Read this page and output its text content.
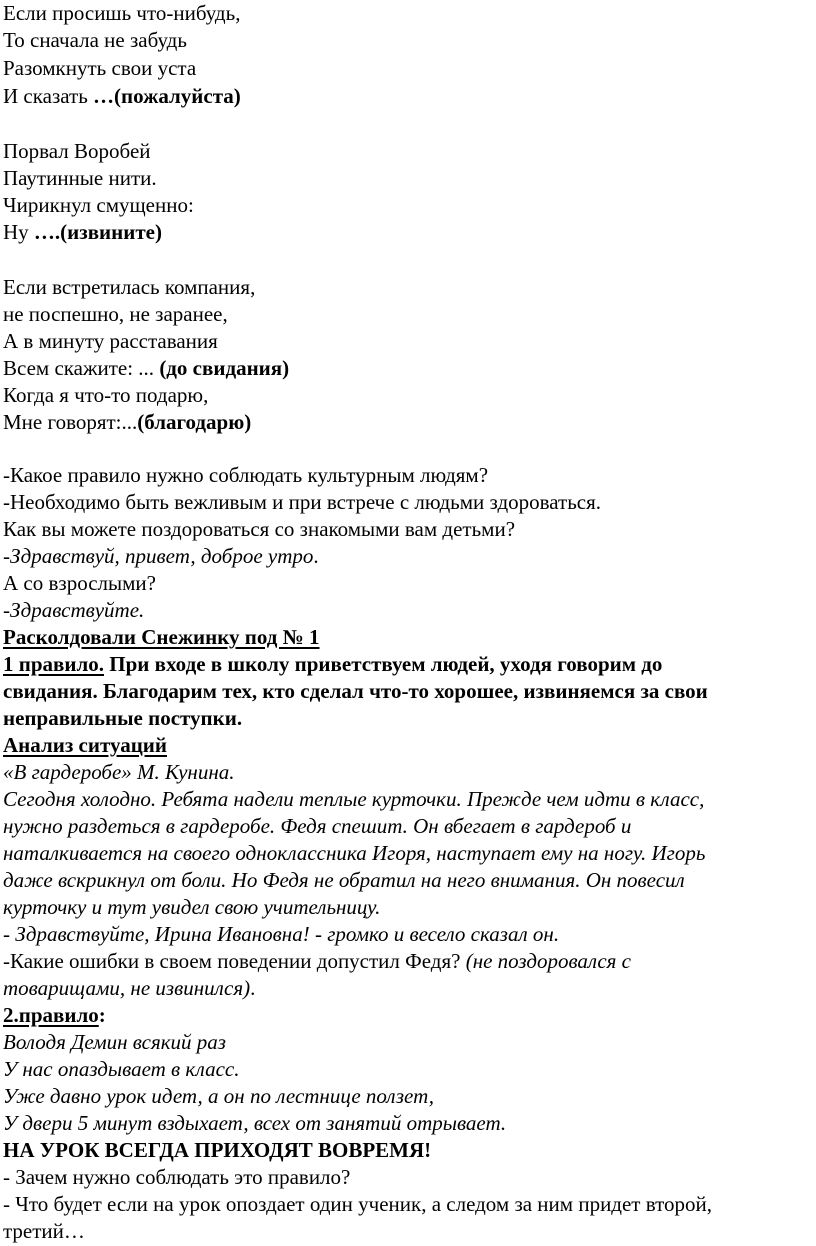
Если просишь что-нибудь,
То сначала не забудь
Разомкнуть свои уста
И сказать …(пожалуйста)
Порвал Воробей
Паутинные нити.
Чирикнул смущенно:
Ну ….(извините)
Если встретилась компания,
не поспешно, не заранее,
А в минуту расставания
Всем скажите: ... (до свидания)
Когда я что-то подарю,
Мне говорят:...(благодарю)
-Какое правило нужно соблюдать культурным людям?
-Необходимо быть вежливым и при встрече с людьми здороваться.
Как вы можете поздороваться со знакомыми вам детьми?
-Здравствуй, привет, доброе утро.
А со взрослыми?
-Здравствуйте.
Расколдовали Снежинку под № 1
1 правило. При входе в школу приветствуем людей, уходя говорим до
свидания. Благодарим тех, кто сделал что-то хорошее, извиняемся за свои
неправильные поступки.
Анализ ситуаций
«В гардеробе» М. Кунина.
Сегодня холодно. Ребята надели теплые курточки. Прежде чем идти в класс,
нужно раздеться в гардеробе. Федя спешит. Он вбегает в гардероб и
наталкивается на своего одноклассника Игоря, наступает ему на ногу. Игорь
даже вскрикнул от боли. Но Федя не обратил на него внимания. Он повесил
курточку и тут увидел свою учительницу.
- Здравствуйте, Ирина Ивановна! - громко и весело сказал он.
-Какие ошибки в своем поведении допустил Федя? (не поздоровался с
товарищами, не извинился).
2.правило:
Володя Демин всякий раз
У нас опаздывает в класс.
Уже давно урок идет, а он по лестнице ползет,
У двери 5 минут вздыхает, всех от занятий отрывает.
НА УРОК ВСЕГДА ПРИХОДЯТ ВОВРЕМЯ!
- Зачем нужно соблюдать это правило?
- Что будет если на урок опоздает один ученик, а следом за ним придет второй,
третий…
